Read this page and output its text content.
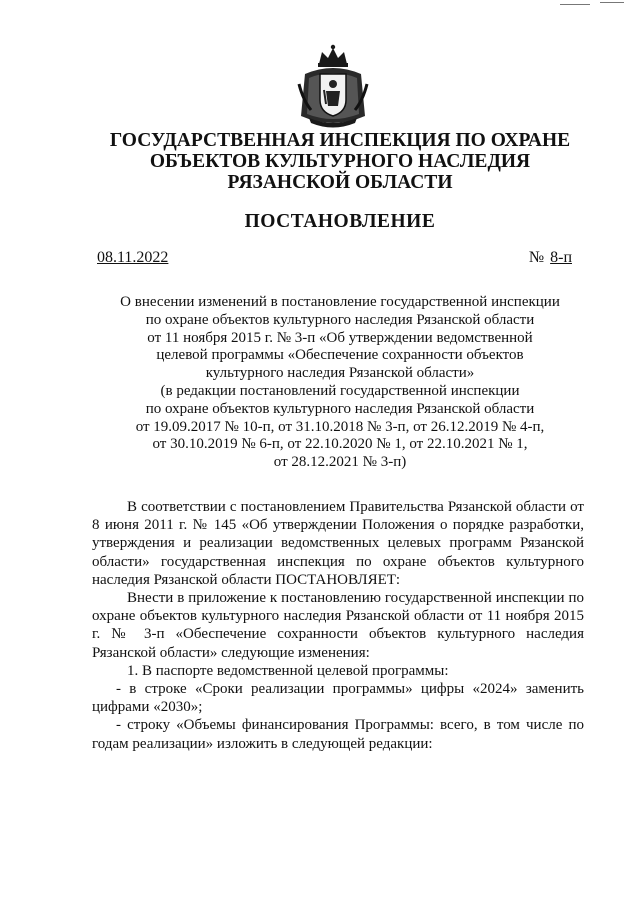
ГОСУДАРСТВЕННАЯ ИНСПЕКЦИЯ ПО ОХРАНЕ
ОБЪЕКТОВ КУЛЬТУРНОГО НАСЛЕДИЯ
РЯЗАНСКОЙ ОБЛАСТИ
ПОСТАНОВЛЕНИЕ
08.11.2022	№ 8-п
О внесении изменений в постановление государственной инспекции
по охране объектов культурного наследия Рязанской области
от 11 ноября 2015 г. № 3-п «Об утверждении ведомственной
целевой программы «Обеспечение сохранности объектов
культурного наследия Рязанской области»
(в редакции постановлений государственной инспекции
по охране объектов культурного наследия Рязанской области
от 19.09.2017 № 10-п, от 31.10.2018 № 3-п, от 26.12.2019 № 4-п,
от 30.10.2019 № 6-п, от 22.10.2020 № 1, от 22.10.2021 № 1,
от 28.12.2021 № 3-п)

В соответствии с постановлением Правительства Рязанской области от 8 июня 2011 г. № 145 «Об утверждении Положения о порядке разработки, утверждения и реализации ведомственных целевых программ Рязанской области» государственная инспекция по охране объектов культурного наследия Рязанской области ПОСТАНОВЛЯЕТ:

Внести в приложение к постановлению государственной инспекции по охране объектов культурного наследия Рязанской области от 11 ноября 2015 г. № 3-п «Обеспечение сохранности объектов культурного наследия Рязанской области» следующие изменения:

1. В паспорте ведомственной целевой программы:

- в строке «Сроки реализации программы» цифры «2024» заменить цифрами «2030»;

- строку «Объемы финансирования Программы: всего, в том числе по годам реализации» изложить в следующей редакции:
